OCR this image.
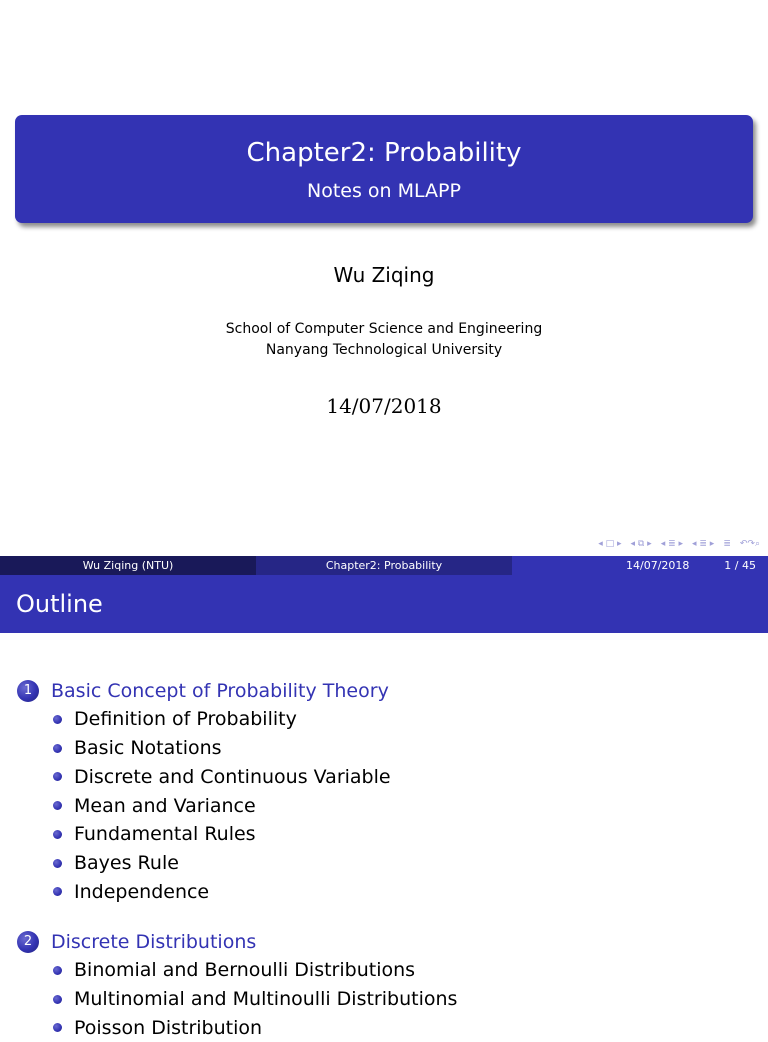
Chapter2: Probability
Notes on MLAPP
Wu Ziqing
School of Computer Science and Engineering
Nanyang Technological University
14/07/2018
◂ □ ▸ ◂ ⧉ ▸ ◂ ≣ ▸ ◂ ≣ ▸ ≣ ↶↷⌕
Wu Ziqing (NTU)	Chapter2: Probability	14/07/2018	1 / 45
Outline
1 Basic Concept of Probability Theory
Definition of Probability
Basic Notations
Discrete and Continuous Variable
Mean and Variance
Fundamental Rules
Bayes Rule
Independence
2 Discrete Distributions
Binomial and Bernoulli Distributions
Multinomial and Multinoulli Distributions
Poisson Distribution
